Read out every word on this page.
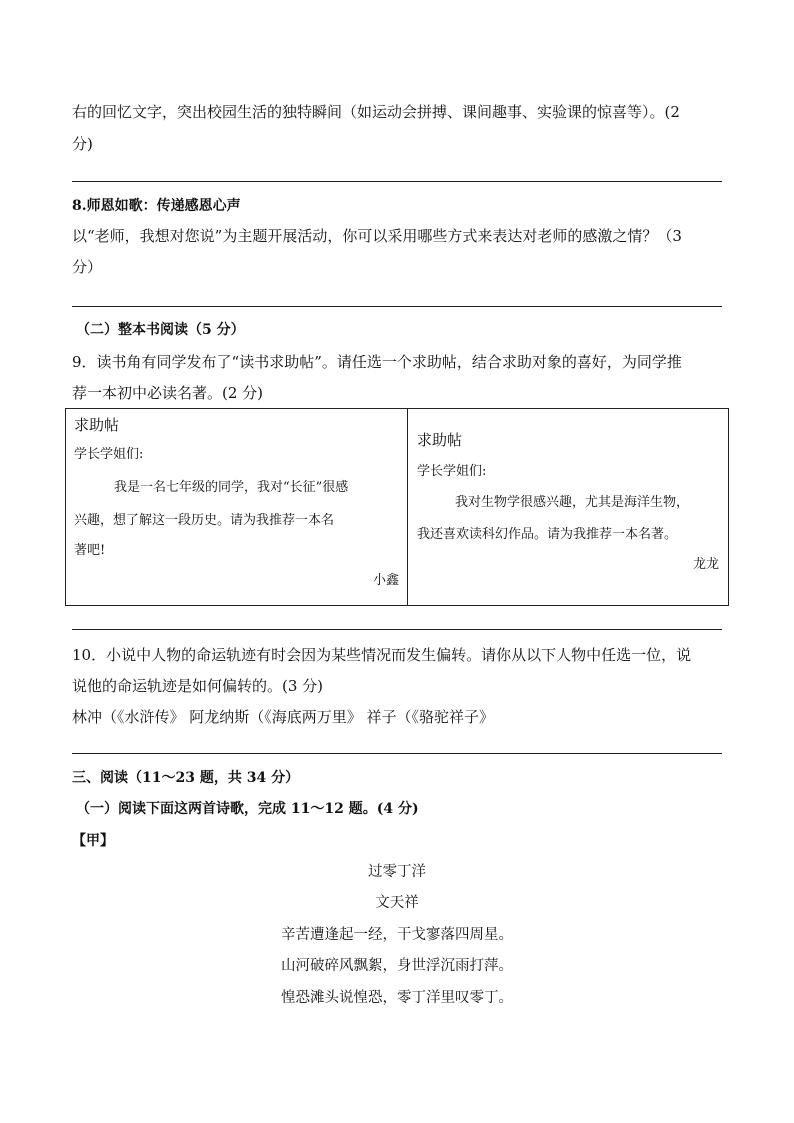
右的回忆文字，突出校园生活的独特瞬间（如运动会拼搏、课间趣事、实验课的惊喜等）。(2
分)
8.师恩如歌：传递感恩心声
以“老师，我想对您说”为主题开展活动，你可以采用哪些方式来表达对老师的感激之情？（3
分）
（二）整本书阅读（5 分）
9．读书角有同学发布了“读书求助帖”。请任选一个求助帖，结合求助对象的喜好，为同学推
荐一本初中必读名著。(2 分)
求助帖
学长学姐们:
我是一名七年级的同学，我对“长征”很感
兴趣，想了解这一段历史。请为我推荐一本名
著吧!
小鑫

求助帖
学长学姐们:
我对生物学很感兴趣，尤其是海洋生物，
我还喜欢读科幻作品。请为我推荐一本名著。
龙龙
10．小说中人物的命运轨迹有时会因为某些情况而发生偏转。请你从以下人物中任选一位，说
说他的命运轨迹是如何偏转的。(3 分)
林冲（《水浒传》 阿龙纳斯（《海底两万里》 祥子（《骆驼祥子》
三、阅读（11～23 题，共 34 分）
（一）阅读下面这两首诗歌，完成 11～12 题。(4 分)
【甲】
过零丁洋
文天祥
辛苦遭逢起一经，干戈寥落四周星。
山河破碎风飘絮，身世浮沉雨打萍。
惶恐滩头说惶恐，零丁洋里叹零丁。
